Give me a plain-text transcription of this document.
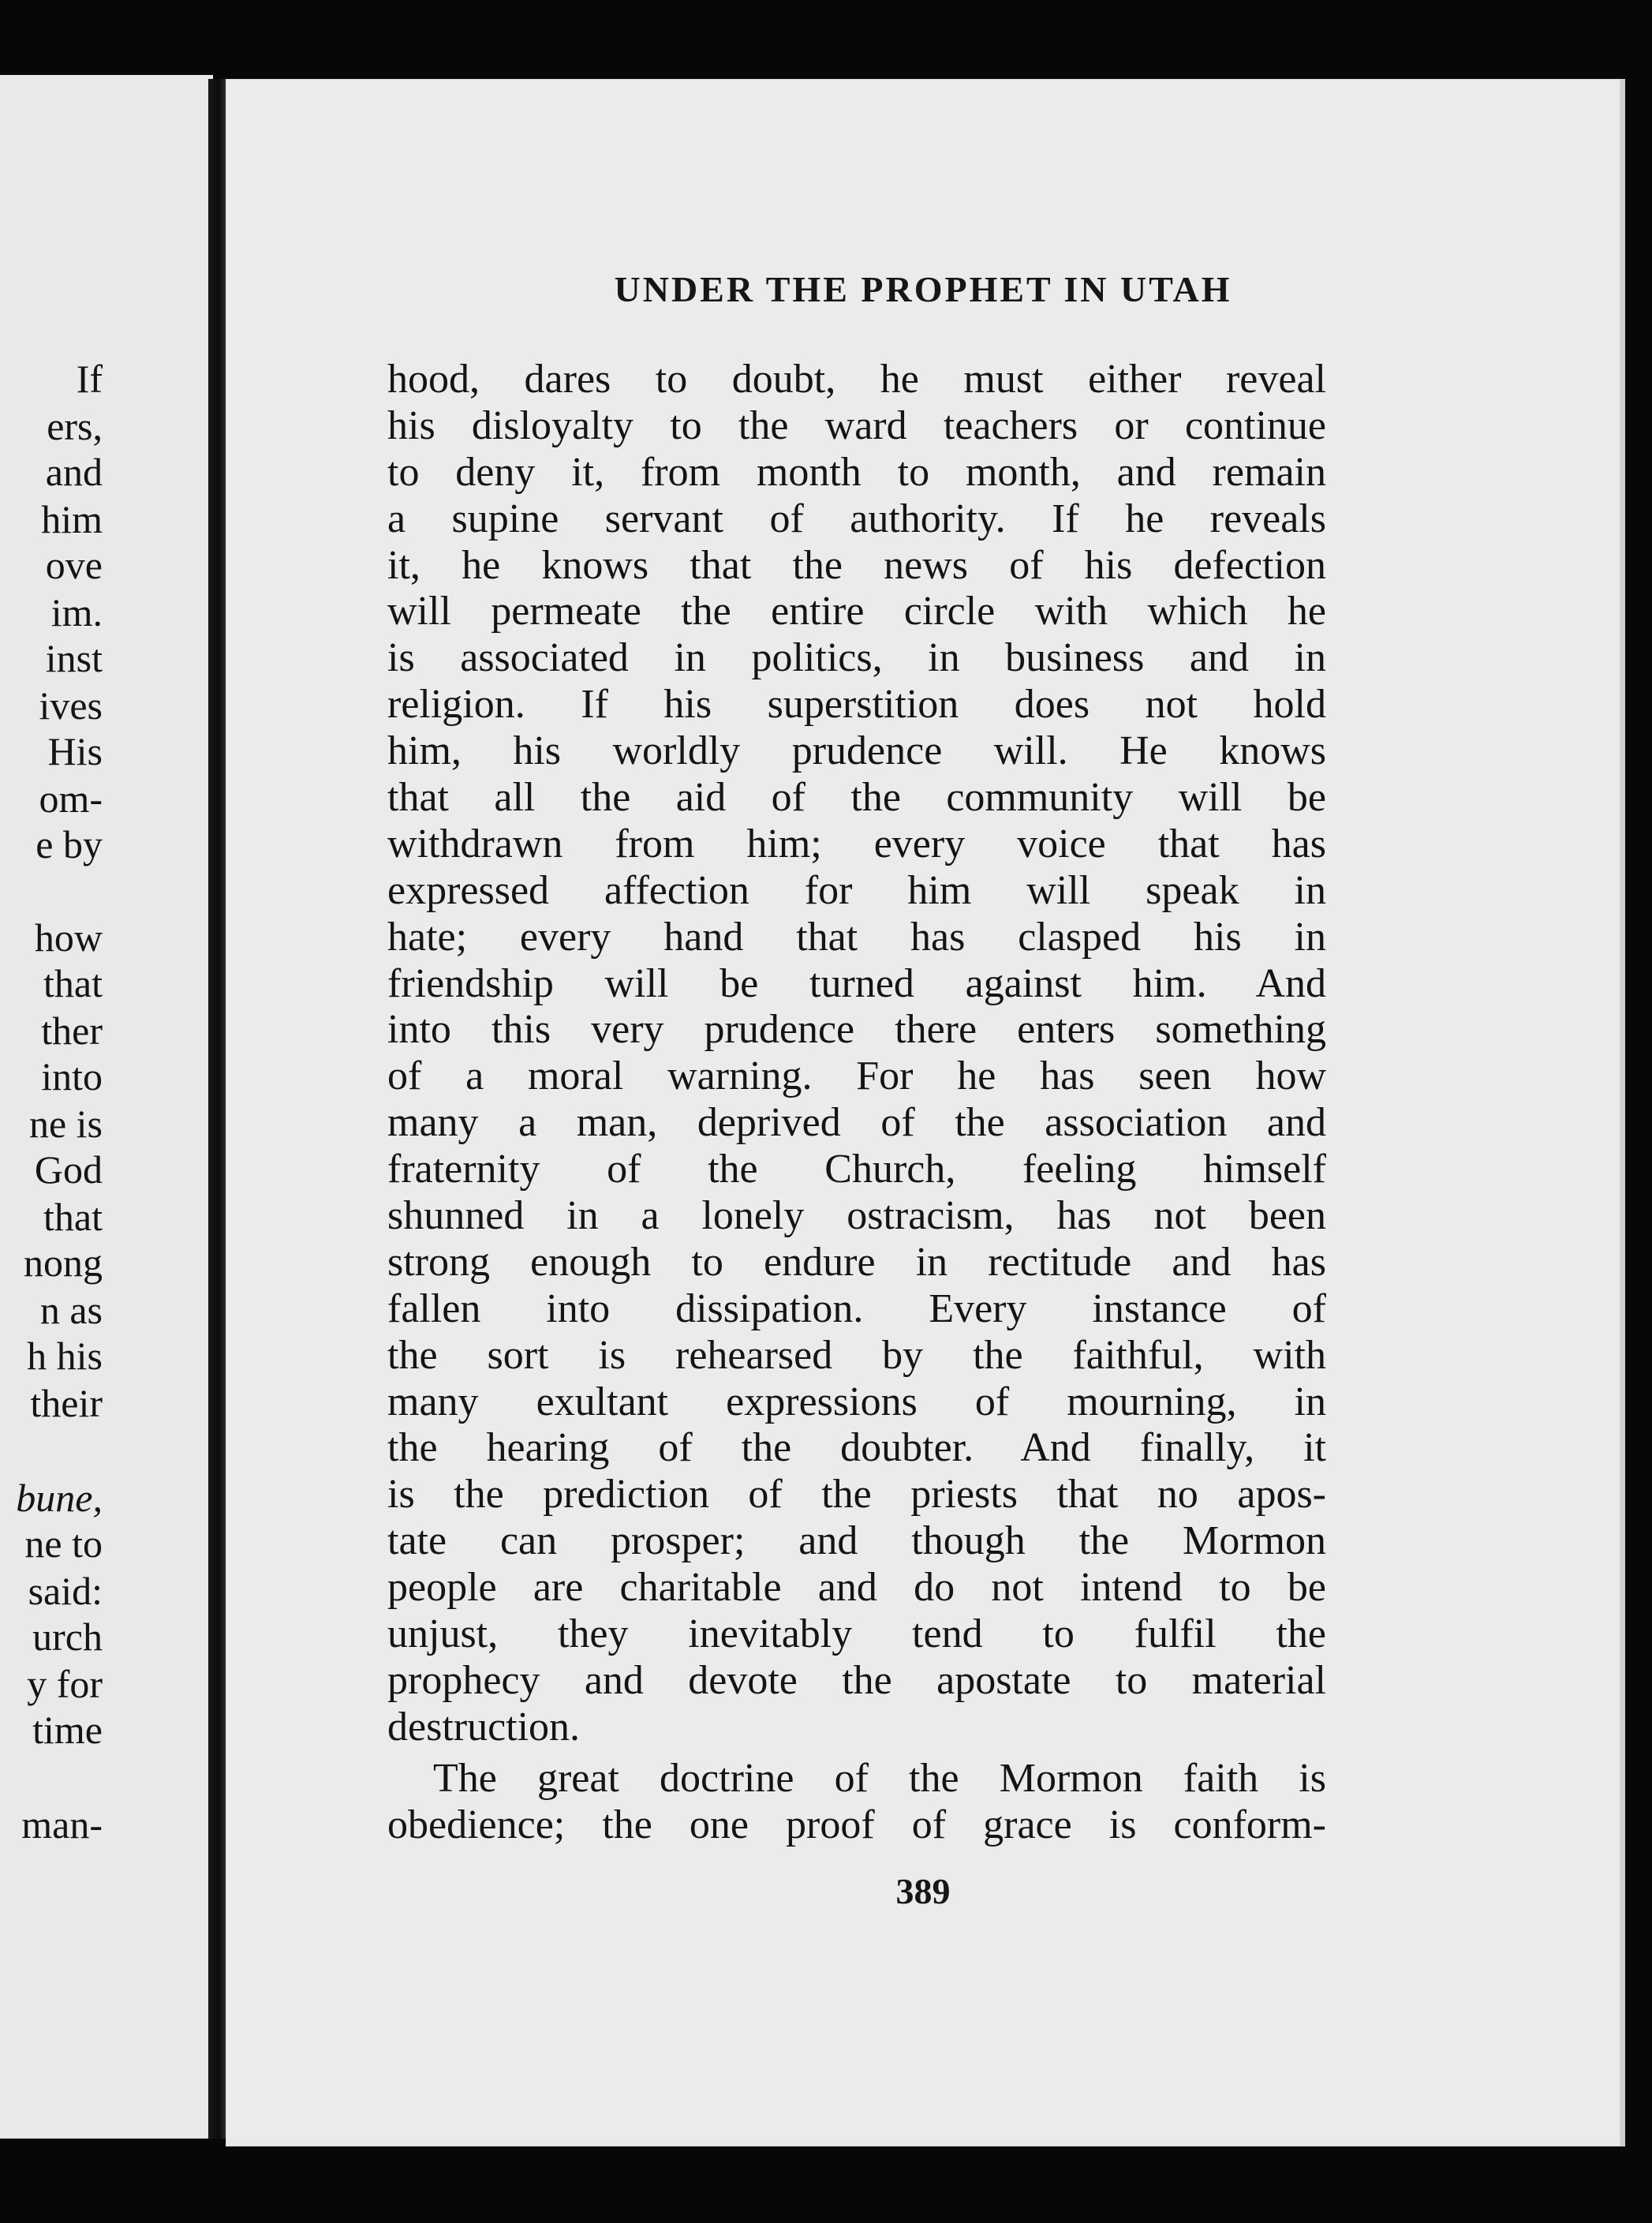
If
ers,
and
him
ove
im.
inst
ives
His
om-
e by
how
that
ther
into
ne is
God
that
nong
n as
h his
their
bune,
ne to
said:
urch
y for
time
man-
UNDER THE PROPHET IN UTAH
hood, dares to doubt, he must either reveal
his disloyalty to the ward teachers or continue
to deny it, from month to month, and remain
a supine servant of authority. If he reveals
it, he knows that the news of his defection
will permeate the entire circle with which he
is associated in politics, in business and in
religion. If his superstition does not hold
him, his worldly prudence will. He knows
that all the aid of the community will be
withdrawn from him; every voice that has
expressed affection for him will speak in
hate; every hand that has clasped his in
friendship will be turned against him. And
into this very prudence there enters something
of a moral warning. For he has seen how
many a man, deprived of the association and
fraternity of the Church, feeling himself
shunned in a lonely ostracism, has not been
strong enough to endure in rectitude and has
fallen into dissipation. Every instance of
the sort is rehearsed by the faithful, with
many exultant expressions of mourning, in
the hearing of the doubter. And finally, it
is the prediction of the priests that no apos-
tate can prosper; and though the Mormon
people are charitable and do not intend to be
unjust, they inevitably tend to fulfil the
prophecy and devote the apostate to material
destruction.
The great doctrine of the Mormon faith is
obedience; the one proof of grace is conform-
389
